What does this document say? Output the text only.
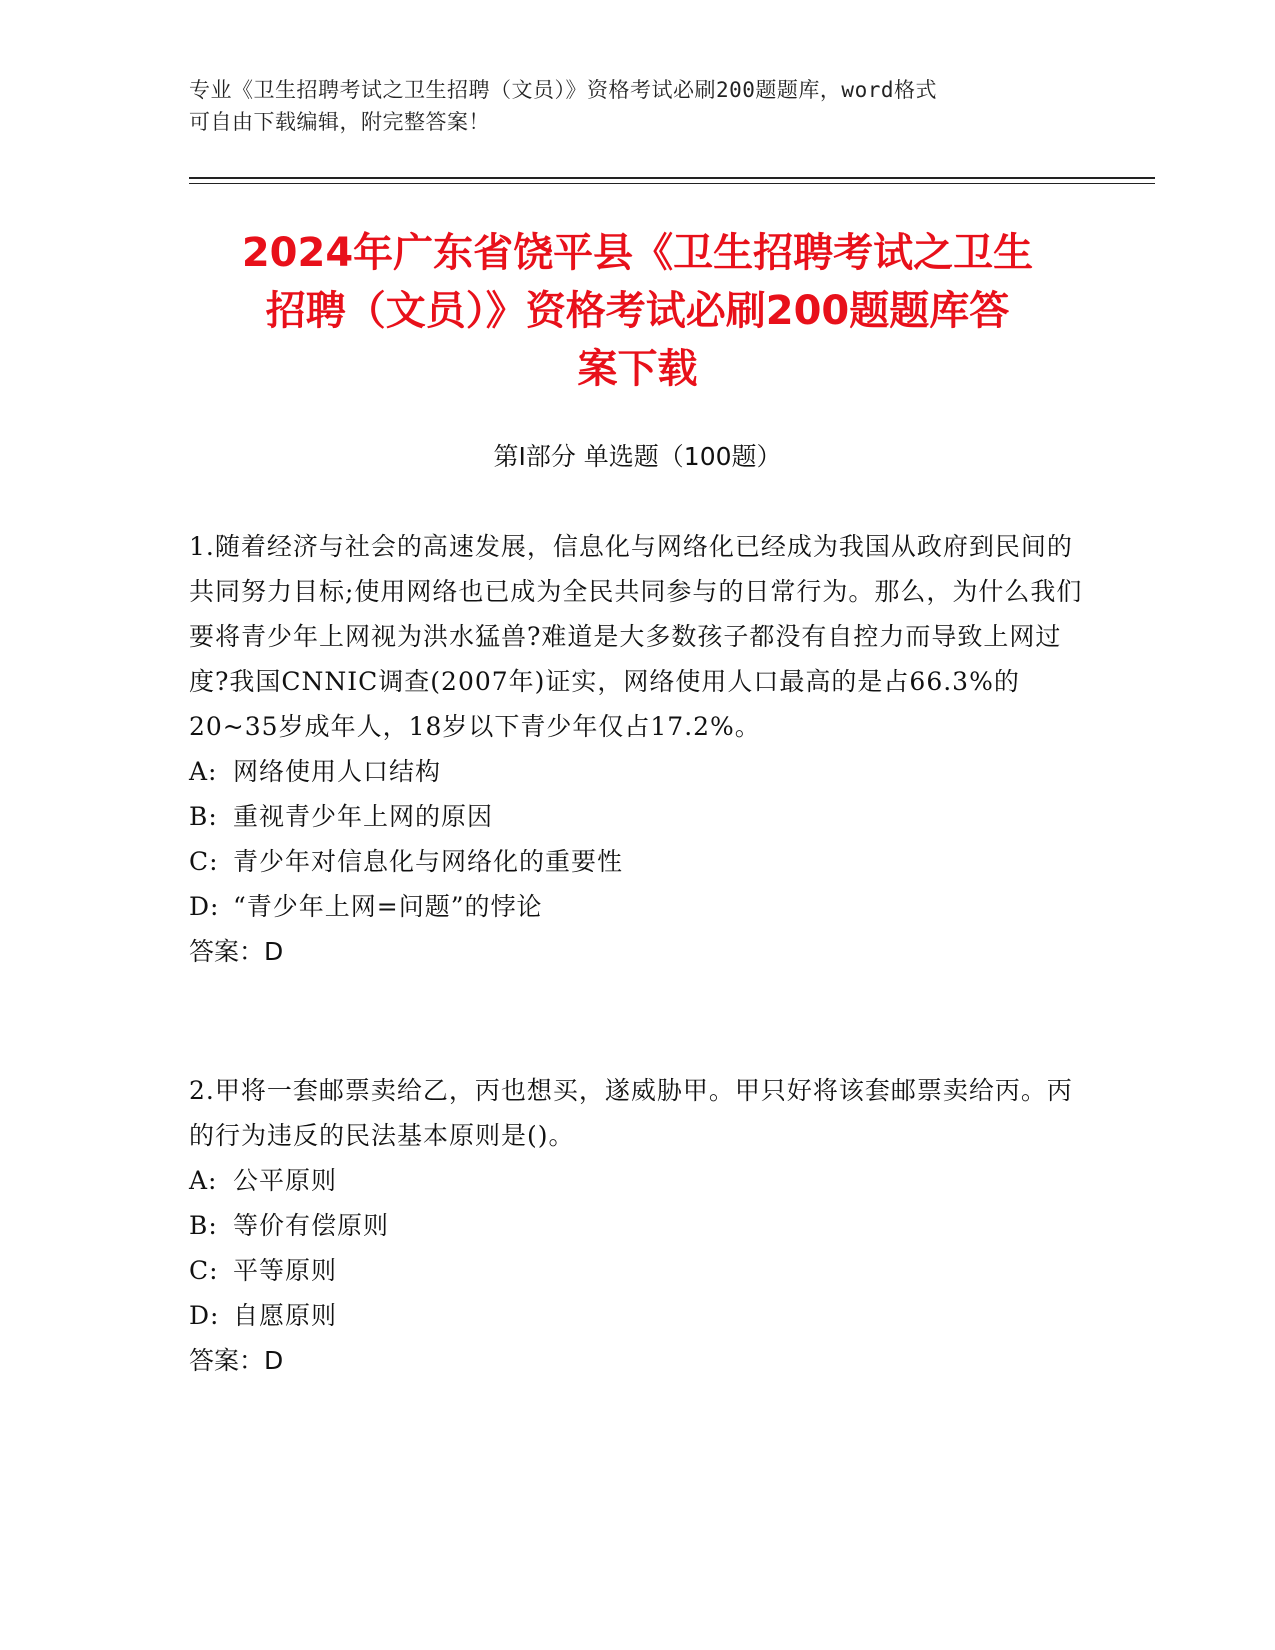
专业《卫生招聘考试之卫生招聘（文员）》资格考试必刷200题题库，word格式
可自由下载编辑，附完整答案！
2024年广东省饶平县《卫生招聘考试之卫生
招聘（文员）》资格考试必刷200题题库答
案下载
第Ⅰ部分 单选题（100题）

1.随着经济与社会的高速发展，信息化与网络化已经成为我国从政府到民间的共同努力目标;使用网络也已成为全民共同参与的日常行为。那么，为什么我们要将青少年上网视为洪水猛兽?难道是大多数孩子都没有自控力而导致上网过度?我国CNNIC调查(2007年)证实，网络使用人口最高的是占66.3%的20~35岁成年人，18岁以下青少年仅占17.2%。

A: 网络使用人口结构

B: 重视青少年上网的原因

C: 青少年对信息化与网络化的重要性

D: “青少年上网=问题”的悖论

答案：D

2.甲将一套邮票卖给乙，丙也想买，遂威胁甲。甲只好将该套邮票卖给丙。丙的行为违反的民法基本原则是()。

A: 公平原则

B: 等价有偿原则

C: 平等原则

D: 自愿原则

答案：D
